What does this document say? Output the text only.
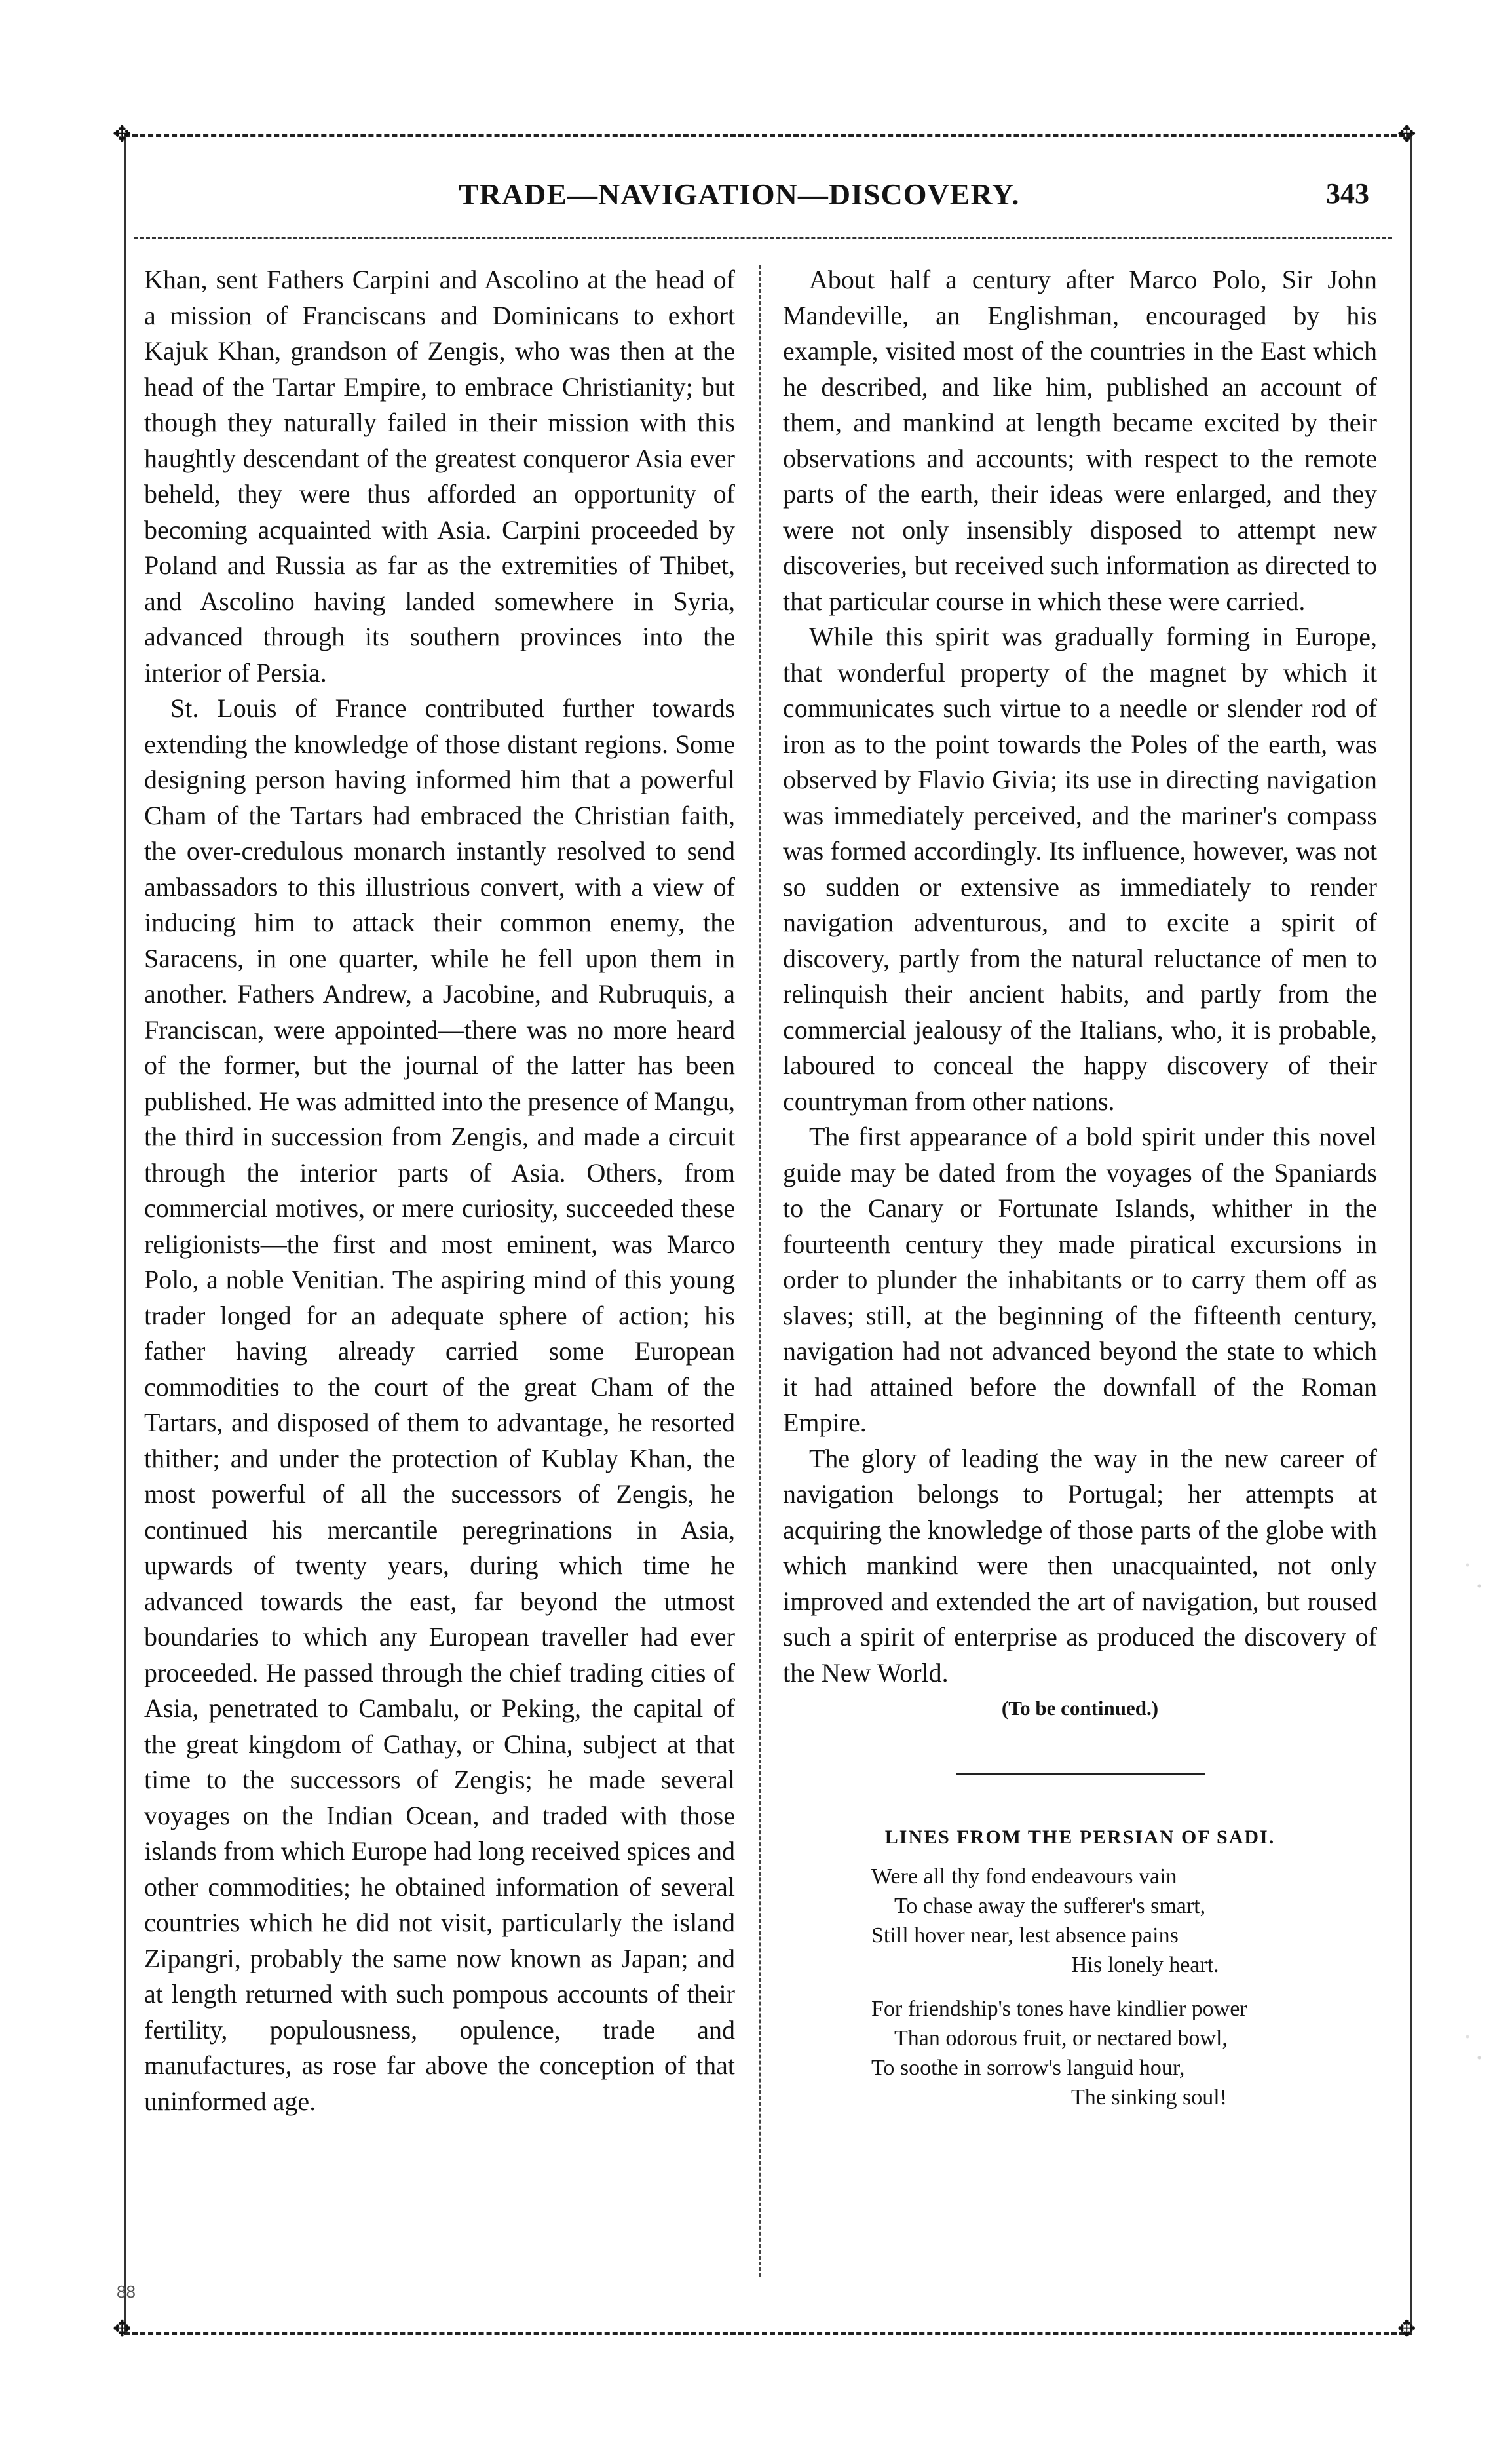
✥	✥
✥	✥
TRADE—NAVIGATION—DISCOVERY.	343

Khan, sent Fathers Carpini and Ascolino at the head of a mission of Franciscans and Dominicans to exhort Kajuk Khan, grandson of Zengis, who was then at the head of the Tartar Empire, to embrace Christianity; but though they naturally failed in their mission with this haughtly descendant of the greatest conqueror Asia ever beheld, they were thus afforded an opportunity of becoming acquainted with Asia. Carpini proceeded by Poland and Russia as far as the extremities of Thibet, and Ascolino having landed somewhere in Syria, advanced through its southern provinces into the interior of Persia.

St. Louis of France contributed further towards extending the knowledge of those distant regions. Some designing person having informed him that a powerful Cham of the Tartars had embraced the Christian faith, the over-credulous monarch instantly resolved to send ambassadors to this illustrious convert, with a view of inducing him to attack their common enemy, the Saracens, in one quarter, while he fell upon them in another. Fathers Andrew, a Jacobine, and Rubruquis, a Franciscan, were appointed—there was no more heard of the former, but the journal of the latter has been published. He was admitted into the presence of Mangu, the third in succession from Zengis, and made a circuit through the interior parts of Asia. Others, from commercial motives, or mere curiosity, succeeded these religionists—the first and most eminent, was Marco Polo, a noble Venitian. The aspiring mind of this young trader longed for an adequate sphere of action; his father having already carried some European commodities to the court of the great Cham of the Tartars, and disposed of them to advantage, he resorted thither; and under the protection of Kublay Khan, the most powerful of all the successors of Zengis, he continued his mercantile peregrinations in Asia, upwards of twenty years, during which time he advanced towards the east, far beyond the utmost boundaries to which any European traveller had ever proceeded. He passed through the chief trading cities of Asia, penetrated to Cambalu, or Peking, the capital of the great kingdom of Cathay, or China, subject at that time to the successors of Zengis; he made several voyages on the Indian Ocean, and traded with those islands from which Europe had long received spices and other commodities; he obtained information of several countries which he did not visit, particularly the island Zipangri, probably the same now known as Japan; and at length returned with such pompous accounts of their fertility, populousness, opulence, trade and manufactures, as rose far above the conception of that uninformed age.

About half a century after Marco Polo, Sir John Mandeville, an Englishman, encouraged by his example, visited most of the countries in the East which he described, and like him, published an account of them, and mankind at length became excited by their observations and accounts; with respect to the remote parts of the earth, their ideas were enlarged, and they were not only insensibly disposed to attempt new discoveries, but received such information as directed to that particular course in which these were carried.

While this spirit was gradually forming in Europe, that wonderful property of the magnet by which it communicates such virtue to a needle or slender rod of iron as to the point towards the Poles of the earth, was observed by Flavio Givia; its use in directing navigation was immediately perceived, and the mariner's compass was formed accordingly. Its influence, however, was not so sudden or extensive as immediately to render navigation adventurous, and to excite a spirit of discovery, partly from the natural reluctance of men to relinquish their ancient habits, and partly from the commercial jealousy of the Italians, who, it is probable, laboured to conceal the happy discovery of their countryman from other nations.

The first appearance of a bold spirit under this novel guide may be dated from the voyages of the Spaniards to the Canary or Fortunate Islands, whither in the fourteenth century they made piratical excursions in order to plunder the inhabitants or to carry them off as slaves; still, at the beginning of the fifteenth century, navigation had not advanced beyond the state to which it had attained before the downfall of the Roman Empire.

The glory of leading the way in the new career of navigation belongs to Portugal; her attempts at acquiring the knowledge of those parts of the globe with which mankind were then unacquainted, not only improved and extended the art of navigation, but roused such a spirit of enterprise as produced the discovery of the New World.

(To be continued.)

LINES FROM THE PERSIAN OF SADI.
Were all thy fond endeavours vain
To chase away the sufferer's smart,
Still hover near, lest absence pains
His lonely heart.
For friendship's tones have kindlier power
Than odorous fruit, or nectared bowl,
To soothe in sorrow's languid hour,
The sinking soul!
88
